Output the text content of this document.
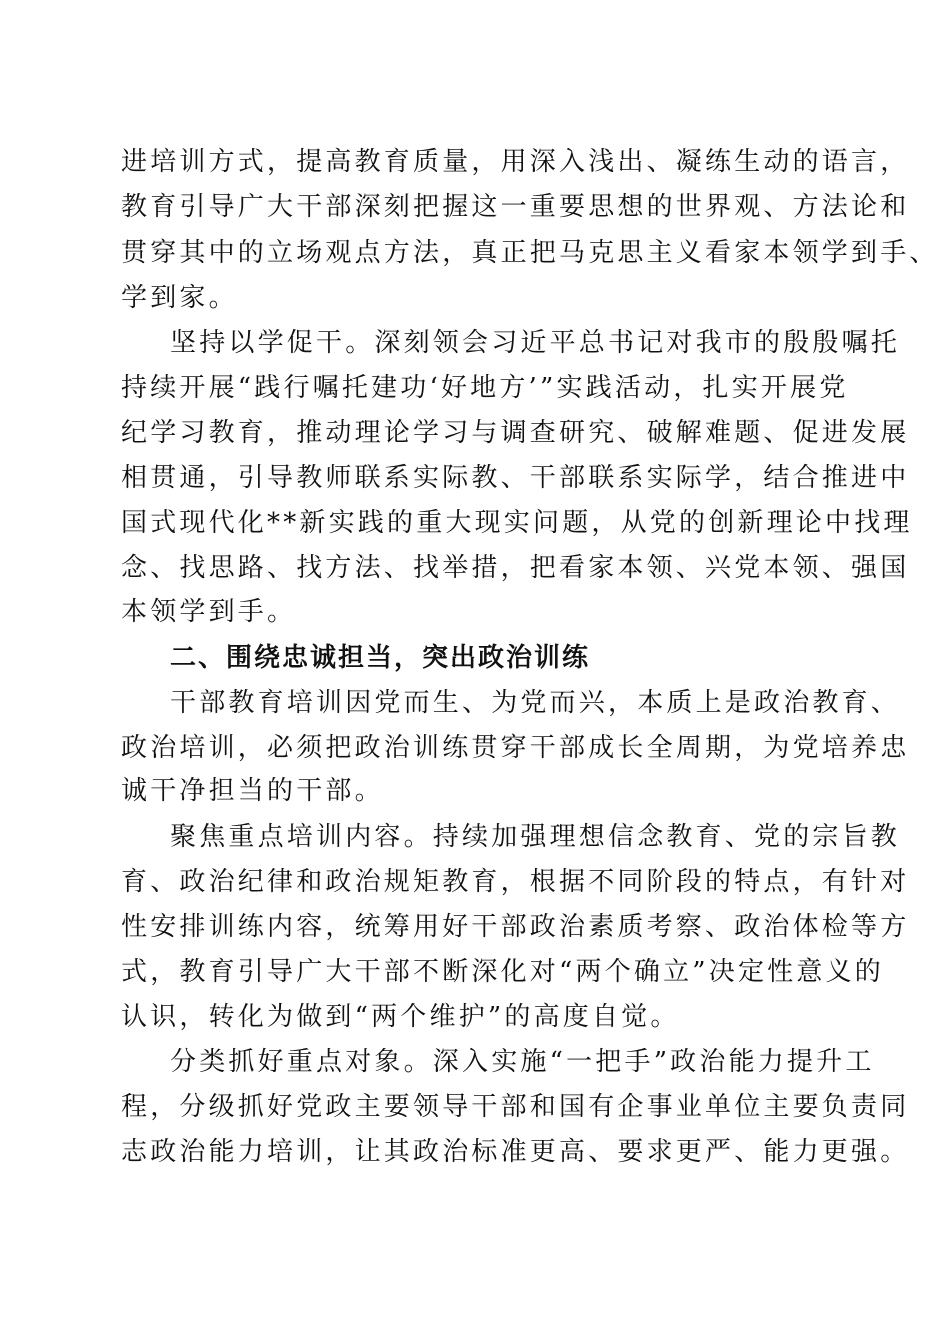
进培训方式，提高教育质量，用深入浅出、凝练生动的语言，
教育引导广大干部深刻把握这一重要思想的世界观、方法论和
贯穿其中的立场观点方法，真正把马克思主义看家本领学到手、
学到家。
坚持以学促干。深刻领会习近平总书记对我市的殷殷嘱托
持续开展“践行嘱托建功‘好地方’”实践活动，扎实开展党
纪学习教育，推动理论学习与调查研究、破解难题、促进发展
相贯通，引导教师联系实际教、干部联系实际学，结合推进中
国式现代化**新实践的重大现实问题，从党的创新理论中找理
念、找思路、找方法、找举措，把看家本领、兴党本领、强国
本领学到手。
二、围绕忠诚担当，突出政治训练
干部教育培训因党而生、为党而兴，本质上是政治教育、
政治培训，必须把政治训练贯穿干部成长全周期，为党培养忠
诚干净担当的干部。
聚焦重点培训内容。持续加强理想信念教育、党的宗旨教
育、政治纪律和政治规矩教育，根据不同阶段的特点，有针对
性安排训练内容，统筹用好干部政治素质考察、政治体检等方
式，教育引导广大干部不断深化对“两个确立”决定性意义的
认识，转化为做到“两个维护”的高度自觉。
分类抓好重点对象。深入实施“一把手”政治能力提升工
程，分级抓好党政主要领导干部和国有企事业单位主要负责同
志政治能力培训，让其政治标准更高、要求更严、能力更强。
